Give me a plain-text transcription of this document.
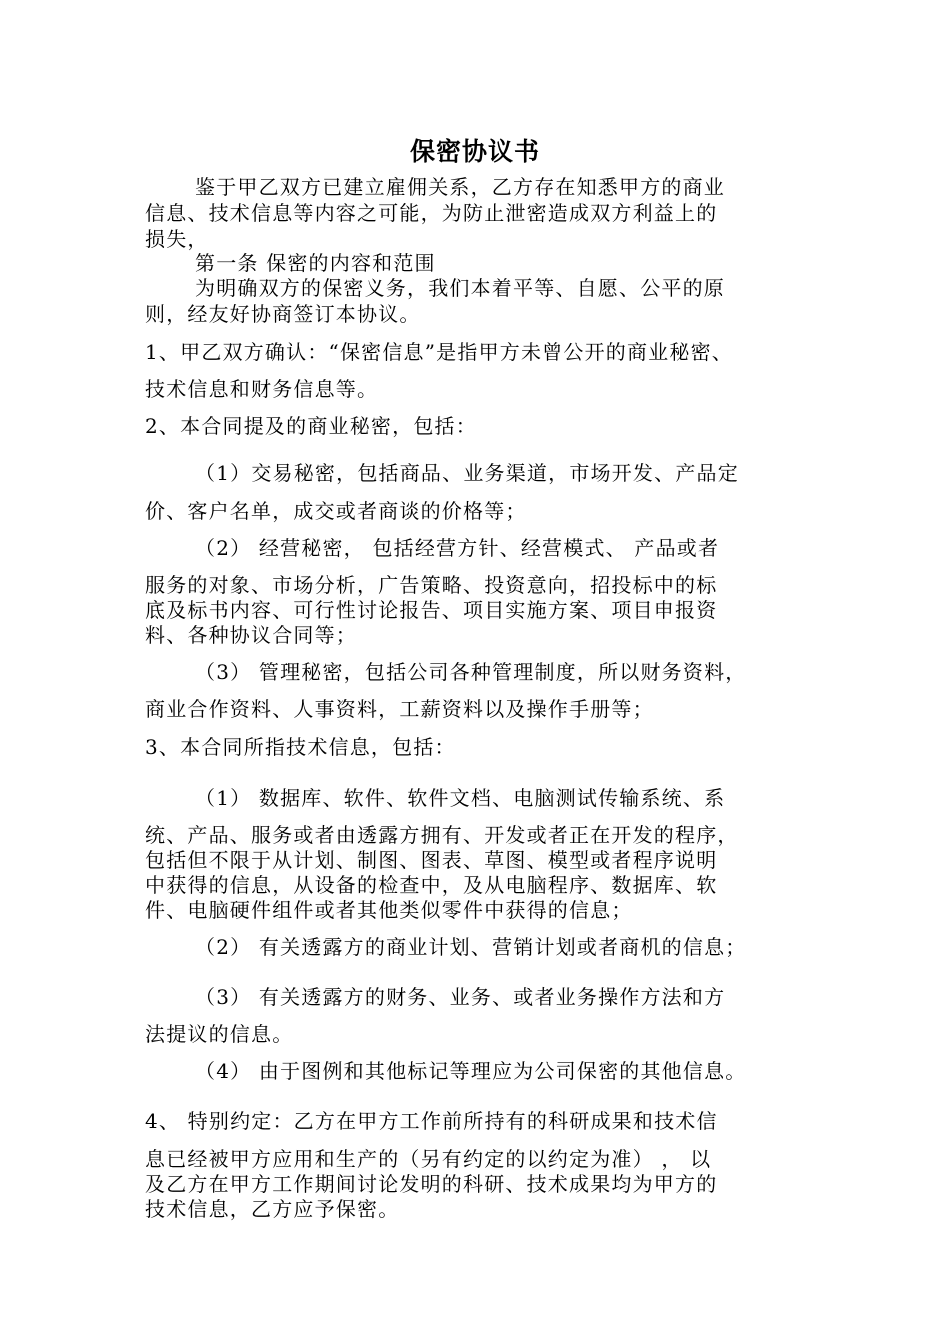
保密协议书
鉴于甲乙双方已建立雇佣关系，乙方存在知悉甲方的商业
信息、技术信息等内容之可能，为防止泄密造成双方利益上的
损失，
第一条 保密的内容和范围
为明确双方的保密义务，我们本着平等、自愿、公平的原
则，经友好协商签订本协议。
1、甲乙双方确认：“保密信息”是指甲方未曾公开的商业秘密、
技术信息和财务信息等。
2、本合同提及的商业秘密，包括：
（1）交易秘密，包括商品、业务渠道，市场开发、产品定
价、客户名单，成交或者商谈的价格等；
（2） 经营秘密， 包括经营方针、经营模式、 产品或者
服务的对象、市场分析，广告策略、投资意向，招投标中的标
底及标书内容、可行性讨论报告、项目实施方案、项目申报资
料、各种协议合同等；
（3） 管理秘密，包括公司各种管理制度，所以财务资料，
商业合作资料、人事资料，工薪资料以及操作手册等；
3、本合同所指技术信息，包括：
（1） 数据库、软件、软件文档、电脑测试传输系统、系
统、产品、服务或者由透露方拥有、开发或者正在开发的程序，
包括但不限于从计划、制图、图表、草图、模型或者程序说明
中获得的信息，从设备的检查中，及从电脑程序、数据库、软
件、电脑硬件组件或者其他类似零件中获得的信息；
（2） 有关透露方的商业计划、营销计划或者商机的信息；
（3） 有关透露方的财务、业务、或者业务操作方法和方
法提议的信息。
（4） 由于图例和其他标记等理应为公司保密的其他信息。
4、 特别约定：乙方在甲方工作前所持有的科研成果和技术信
息已经被甲方应用和生产的（另有约定的以约定为准） ， 以
及乙方在甲方工作期间讨论发明的科研、技术成果均为甲方的
技术信息，乙方应予保密。
